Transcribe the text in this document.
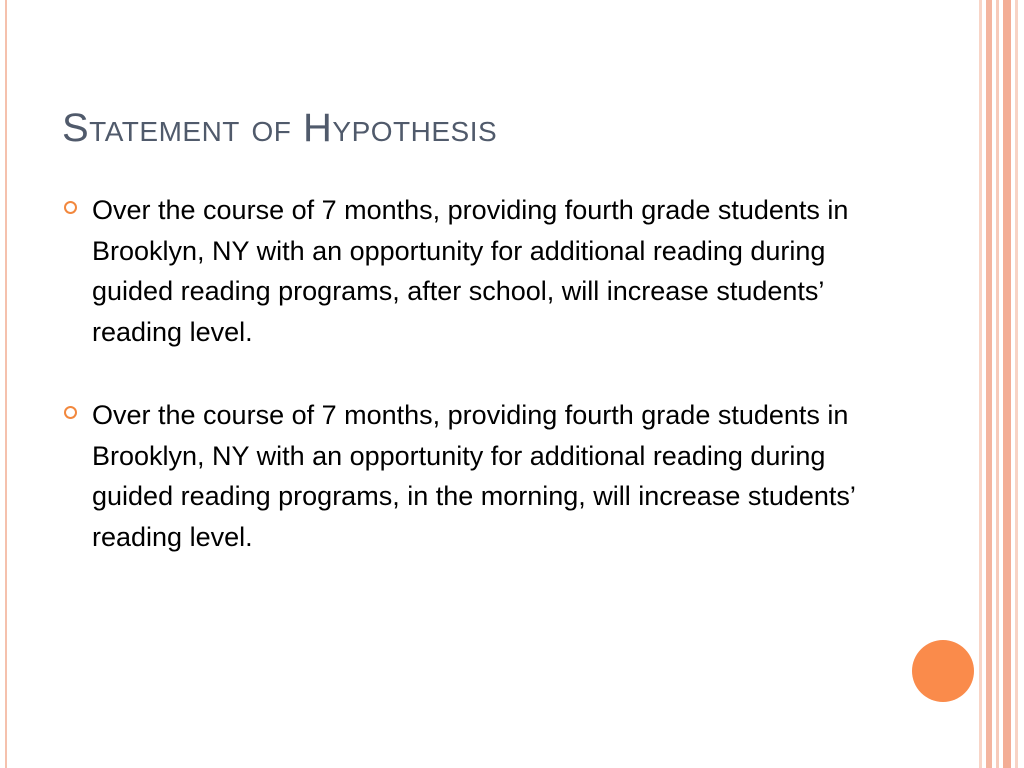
Statement of Hypothesis
Over the course of 7 months, providing fourth grade students in Brooklyn, NY with an opportunity for additional reading during guided reading programs, after school, will increase students’ reading level.
Over the course of 7 months, providing fourth grade students in Brooklyn, NY with an opportunity for additional reading during guided reading programs, in the morning, will increase students’ reading level.
